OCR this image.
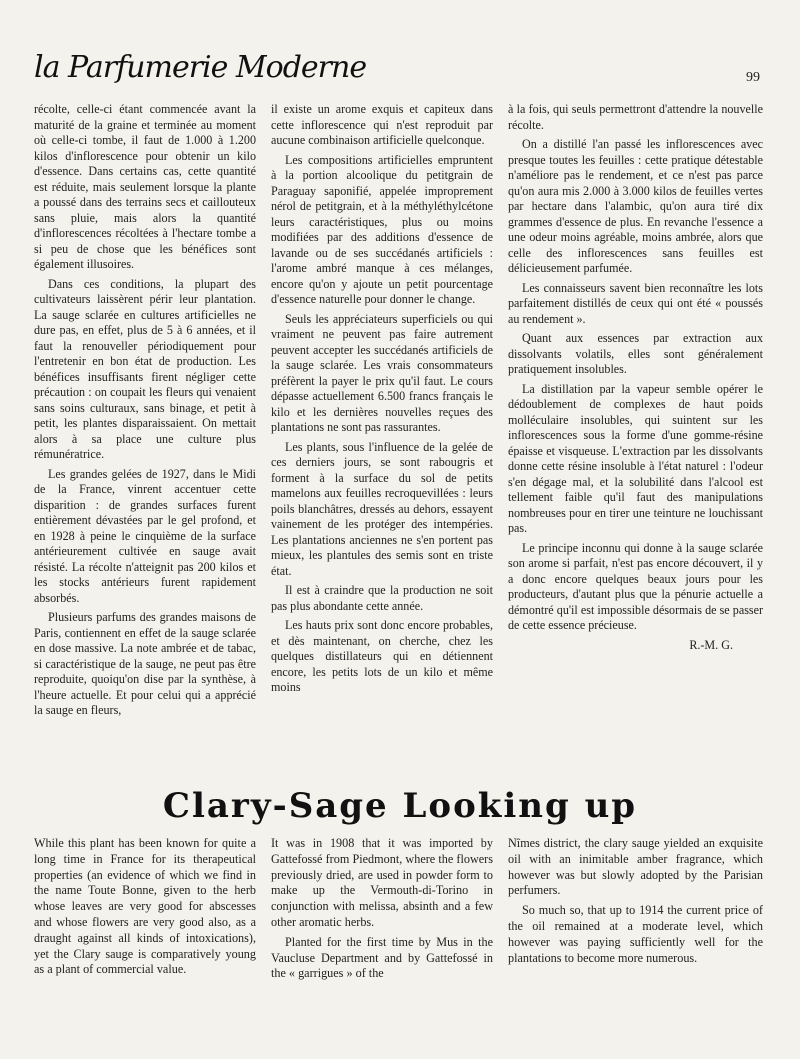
la Parfumerie Moderne	99

récolte, celle-ci étant commencée avant la maturité de la graine et terminée au moment où celle-ci tombe, il faut de 1.000 à 1.200 kilos d'inflorescence pour obtenir un kilo d'essence. Dans certains cas, cette quantité est réduite, mais seulement lorsque la plante a poussé dans des terrains secs et caillouteux sans pluie, mais alors la quantité d'inflorescences récoltées à l'hectare tombe a si peu de chose que les bénéfices sont également illusoires.

Dans ces conditions, la plupart des cultivateurs laissèrent périr leur plantation. La sauge sclarée en cultures artificielles ne dure pas, en effet, plus de 5 à 6 années, et il faut la renouveller périodiquement pour l'entretenir en bon état de production. Les bénéfices insuffisants firent négliger cette précaution : on coupait les fleurs qui venaient sans soins culturaux, sans binage, et petit à petit, les plantes disparaissaient. On mettait alors à sa place une culture plus rémunératrice.

Les grandes gelées de 1927, dans le Midi de la France, vinrent accentuer cette disparition : de grandes surfaces furent entièrement dévastées par le gel profond, et en 1928 à peine le cinquième de la surface antérieurement cultivée en sauge avait résisté. La récolte n'atteignit pas 200 kilos et les stocks antérieurs furent rapidement absorbés.

Plusieurs parfums des grandes maisons de Paris, contiennent en effet de la sauge sclarée en dose massive. La note ambrée et de tabac, si caractéristique de la sauge, ne peut pas être reproduite, quoiqu'on dise par la synthèse, à l'heure actuelle. Et pour celui qui a apprécié la sauge en fleurs,

il existe un arome exquis et capiteux dans cette inflorescence qui n'est reproduit par aucune combinaison artificielle quelconque.

Les compositions artificielles empruntent à la portion alcoolique du petitgrain de Paraguay saponifié, appelée improprement nérol de petitgrain, et à la méthyléthylcétone leurs caractéristiques, plus ou moins modifiées par des additions d'essence de lavande ou de ses succédanés artificiels : l'arome ambré manque à ces mélanges, encore qu'on y ajoute un petit pourcentage d'essence naturelle pour donner le change.

Seuls les appréciateurs superficiels ou qui vraiment ne peuvent pas faire autrement peuvent accepter les succédanés artificiels de la sauge sclarée. Les vrais consommateurs préfèrent la payer le prix qu'il faut. Le cours dépasse actuellement 6.500 francs français le kilo et les dernières nouvelles reçues des plantations ne sont pas rassurantes.

Les plants, sous l'influence de la gelée de ces derniers jours, se sont rabougris et forment à la surface du sol de petits mamelons aux feuilles recroquevillées : leurs poils blanchâtres, dressés au dehors, essayent vainement de les protéger des intempéries. Les plantations anciennes ne s'en portent pas mieux, les plantules des semis sont en triste état.

Il est à craindre que la production ne soit pas plus abondante cette année.

Les hauts prix sont donc encore probables, et dès maintenant, on cherche, chez les quelques distillateurs qui en détiennent encore, les petits lots de un kilo et même moins

à la fois, qui seuls permettront d'attendre la nouvelle récolte.

On a distillé l'an passé les inflorescences avec presque toutes les feuilles : cette pratique détestable n'améliore pas le rendement, et ce n'est pas parce qu'on aura mis 2.000 à 3.000 kilos de feuilles vertes par hectare dans l'alambic, qu'on aura tiré dix grammes d'essence de plus. En revanche l'essence a une odeur moins agréable, moins ambrée, alors que celle des inflorescences sans feuilles est délicieusement parfumée.

Les connaisseurs savent bien reconnaître les lots parfaitement distillés de ceux qui ont été « poussés au rendement ».

Quant aux essences par extraction aux dissolvants volatils, elles sont généralement pratiquement insolubles.

La distillation par la vapeur semble opérer le dédoublement de complexes de haut poids molléculaire insolubles, qui suintent sur les inflorescences sous la forme d'une gomme-résine épaisse et visqueuse. L'extraction par les dissolvants donne cette résine insoluble à l'état naturel : l'odeur s'en dégage mal, et la solubilité dans l'alcool est tellement faible qu'il faut des manipulations nombreuses pour en tirer une teinture ne louchissant pas.

Le principe inconnu qui donne à la sauge sclarée son arome si parfait, n'est pas encore découvert, il y a donc encore quelques beaux jours pour les producteurs, d'autant plus que la pénurie actuelle a démontré qu'il est impossible désormais de se passer de cette essence précieuse.

R.-M. G.

Clary-Sage Looking up

While this plant has been known for quite a long time in France for its therapeutical properties (an evidence of which we find in the name Toute Bonne, given to the herb whose leaves are very good for abscesses and whose flowers are very good also, as a draught against all kinds of intoxications), yet the Clary sauge is comparatively young as a plant of commercial value.

It was in 1908 that it was imported by Gattefossé from Piedmont, where the flowers previously dried, are used in powder form to make up the Vermouth-di-Torino in conjunction with melissa, absinth and a few other aromatic herbs.

Planted for the first time by Mus in the Vaucluse Department and by Gattefossé in the « garrigues » of the

Nîmes district, the clary sauge yielded an exquisite oil with an inimitable amber fragrance, which however was but slowly adopted by the Parisian perfumers.

So much so, that up to 1914 the current price of the oil remained at a moderate level, which however was paying sufficiently well for the plantations to become more numerous.
